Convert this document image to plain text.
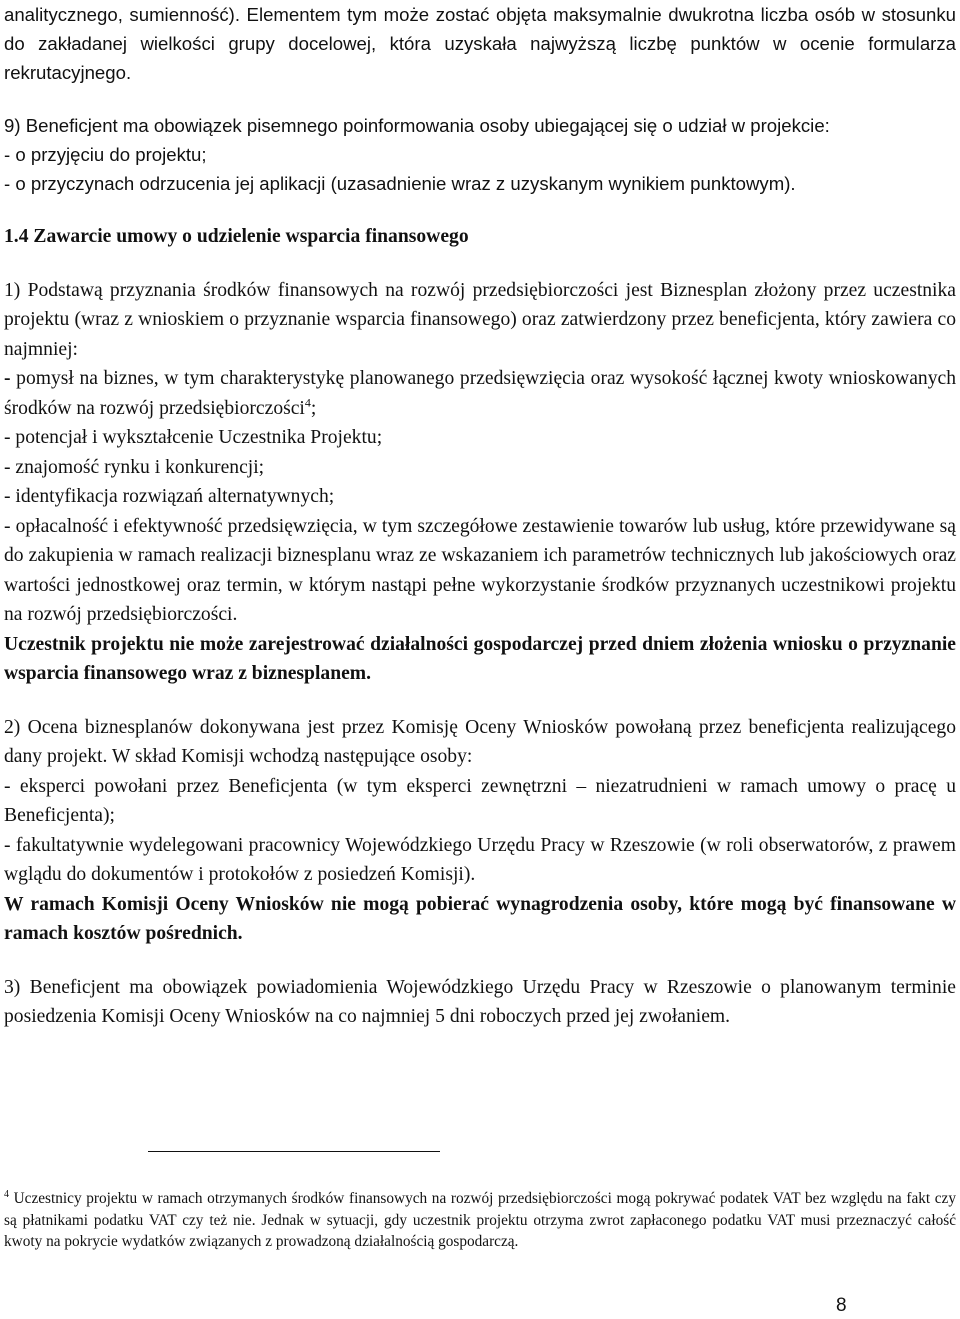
analitycznego, sumienność). Elementem tym może zostać objęta maksymalnie dwukrotna liczba osób w stosunku do zakładanej wielkości grupy docelowej, która uzyskała najwyższą liczbę punktów w ocenie formularza rekrutacyjnego.

9) Beneficjent ma obowiązek pisemnego poinformowania osoby ubiegającej się o udział w projekcie:

- o przyjęciu do projektu;

- o przyczynach odrzucenia jej aplikacji (uzasadnienie wraz z uzyskanym wynikiem punktowym).

1.4 Zawarcie umowy o udzielenie wsparcia finansowego

1) Podstawą przyznania środków finansowych na rozwój przedsiębiorczości jest Biznesplan złożony przez uczestnika projektu (wraz z wnioskiem o przyznanie wsparcia finansowego) oraz zatwierdzony przez beneficjenta, który zawiera co najmniej:

- pomysł na biznes, w tym charakterystykę planowanego przedsięwzięcia oraz wysokość łącznej kwoty wnioskowanych środków na rozwój przedsiębiorczości$^4$;

- potencjał i wykształcenie Uczestnika Projektu;

- znajomość rynku i konkurencji;

- identyfikacja rozwiązań alternatywnych;

- opłacalność i efektywność przedsięwzięcia, w tym szczegółowe zestawienie towarów lub usług, które przewidywane są do zakupienia w ramach realizacji biznesplanu wraz ze wskazaniem ich parametrów technicznych lub jakościowych oraz wartości jednostkowej oraz termin, w którym nastąpi pełne wykorzystanie środków przyznanych uczestnikowi projektu na rozwój przedsiębiorczości.

Uczestnik projektu nie może zarejestrować działalności gospodarczej przed dniem złożenia wniosku o przyznanie wsparcia finansowego wraz z biznesplanem.

2) Ocena biznesplanów dokonywana jest przez Komisję Oceny Wniosków powołaną przez beneficjenta realizującego dany projekt. W skład Komisji wchodzą następujące osoby:

- eksperci powołani przez Beneficjenta (w tym eksperci zewnętrzni – niezatrudnieni w ramach umowy o pracę u Beneficjenta);

- fakultatywnie wydelegowani pracownicy Wojewódzkiego Urzędu Pracy w Rzeszowie (w roli obserwatorów, z prawem wglądu do dokumentów i protokołów z posiedzeń Komisji).

W ramach Komisji Oceny Wniosków nie mogą pobierać wynagrodzenia osoby, które mogą być finansowane w ramach kosztów pośrednich.

3) Beneficjent ma obowiązek powiadomienia Wojewódzkiego Urzędu Pracy w Rzeszowie o planowanym terminie posiedzenia Komisji Oceny Wniosków na co najmniej 5 dni roboczych przed jej zwołaniem.

$^4$ Uczestnicy projektu w ramach otrzymanych środków finansowych na rozwój przedsiębiorczości mogą pokrywać podatek VAT bez względu na fakt czy są płatnikami podatku VAT czy też nie. Jednak w sytuacji, gdy uczestnik projektu otrzyma zwrot zapłaconego podatku VAT musi przeznaczyć całość kwoty na pokrycie wydatków związanych z prowadzoną działalnością gospodarczą.

8
